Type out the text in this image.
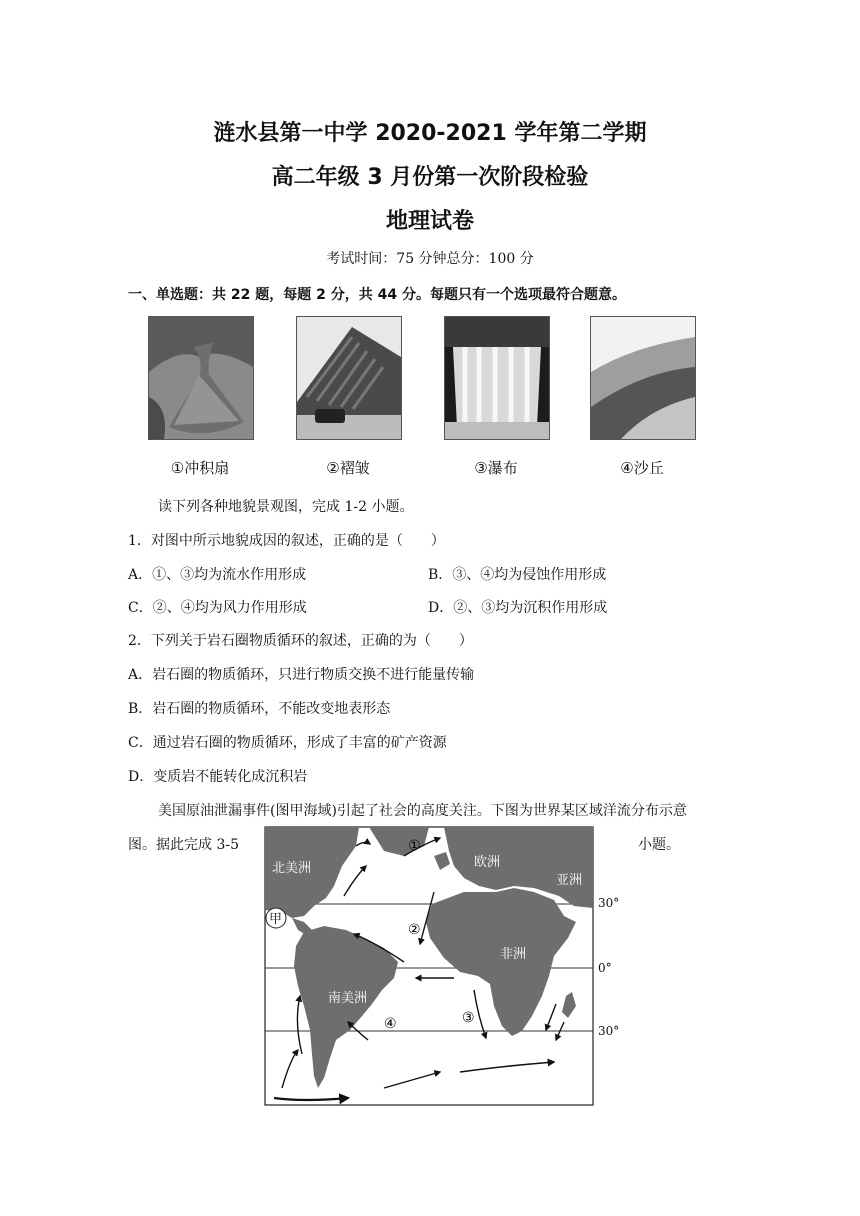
涟水县第一中学 2020-2021 学年第二学期
高二年级 3 月份第一次阶段检验
地理试卷
考试时间：75 分钟总分：100 分
一、单选题：共 22 题，每题 2 分，共 44 分。每题只有一个选项最符合题意。
①冲积扇	②褶皱	③瀑布	④沙丘
读下列各种地貌景观图，完成 1-2 小题。
1．对图中所示地貌成因的叙述，正确的是（　　）
A．①、③均为流水作用形成	B．③、④均为侵蚀作用形成
C．②、④均为风力作用形成	D．②、③均为沉积作用形成
2．下列关于岩石圈物质循环的叙述，正确的为（　　）
A．岩石圈的物质循环，只进行物质交换不进行能量传输
B．岩石圈的物质循环，不能改变地表形态
C．通过岩石圈的物质循环，形成了丰富的矿产资源
D．变质岩不能转化成沉积岩
美国原油泄漏事件(图甲海域)引起了社会的高度关注。下图为世界某区域洋流分布示意
图。据此完成 3-5	小题。
北美洲	欧洲
亚洲
非洲
南美洲
甲
①
②
③
④
30°
0°
30°
